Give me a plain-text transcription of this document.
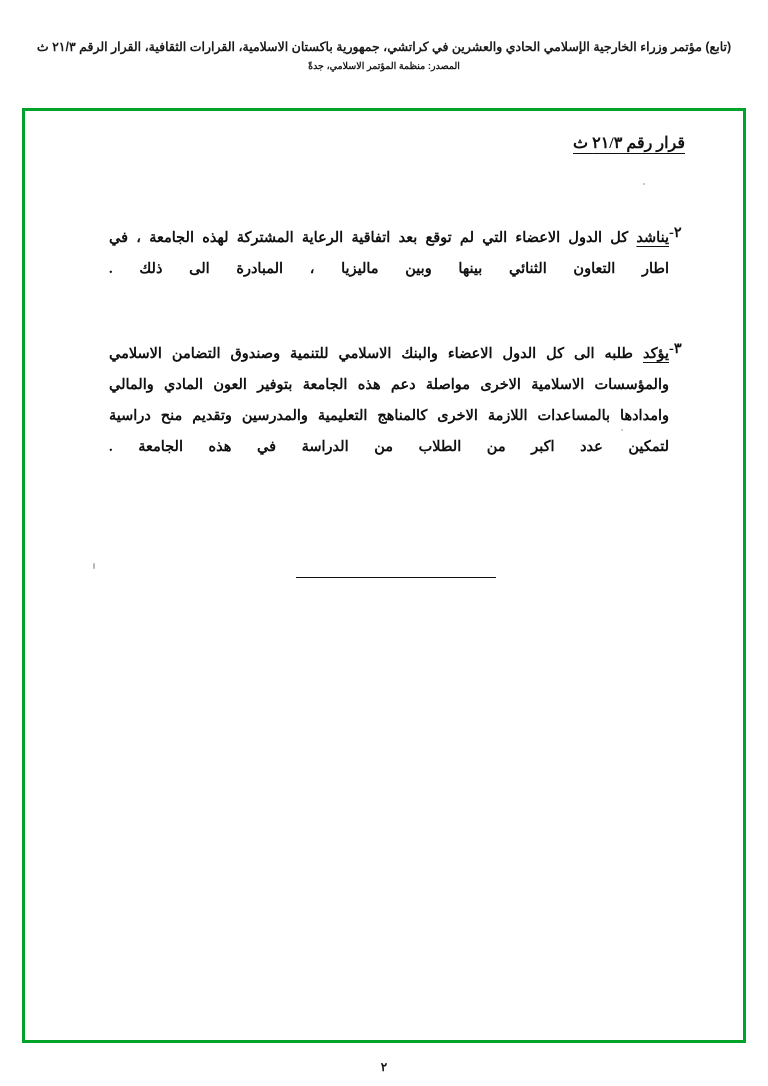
(تابع) مؤتمر وزراء الخارجية الإسلامي الحادي والعشرين في كراتشي، جمهورية باكستان الاسلامية، القرارات الثقافية، القرار الرقم ٢١/٣ ث
المصدر: منظمة المؤتمر الاسلامي، جدةً
قرار رقم ٢١/٣ ث
٢-
يناشد كل الدول الاعضاء التي لم توقع بعد اتفاقية الرعاية المشتركة لهذه الجامعة ، في اطار التعاون الثنائي بينها وبين ماليزيا ، المبادرة الى ذلك .
٣-
يؤكد طلبه الى كل الدول الاعضاء والبنك الاسلامي للتنمية وصندوق التضامن الاسلامي والمؤسسات الاسلامية الاخرى مواصلة دعم هذه الجامعة بتوفير العون المادي والمالي وامدادها بالمساعدات اللازمة الاخرى كالمناهج التعليمية والمدرسين وتقديم منح دراسية لتمكين عدد اكبر من الطلاب من الدراسة في هذه الجامعة .
٢
